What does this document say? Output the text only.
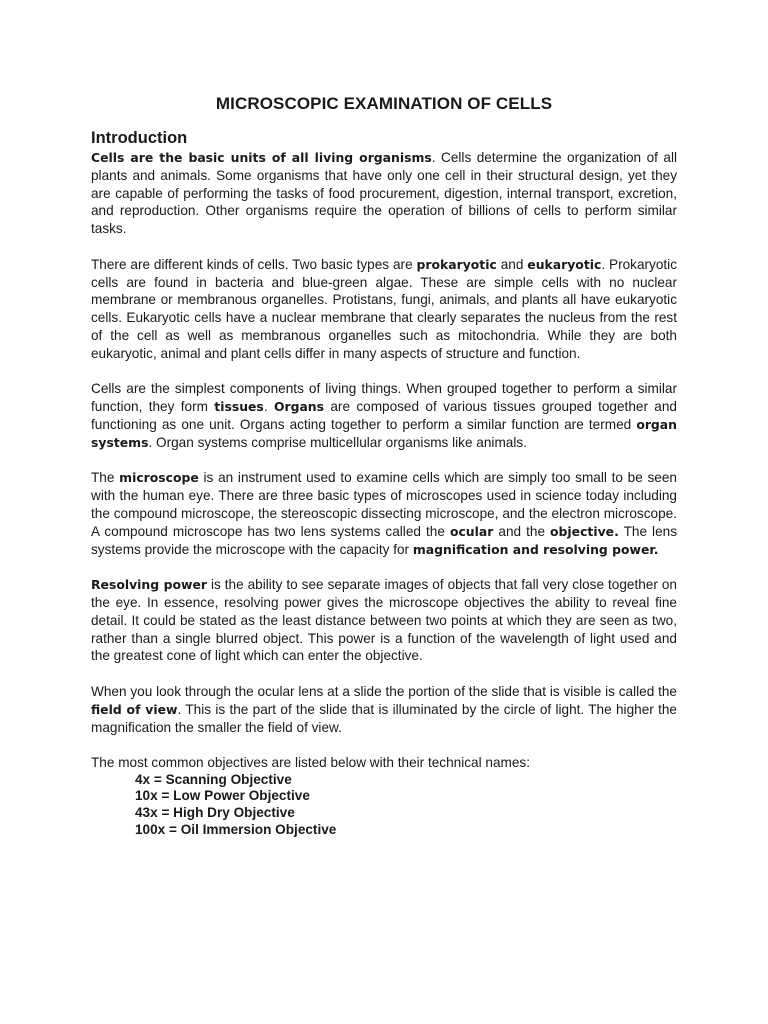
MICROSCOPIC EXAMINATION OF CELLS
Introduction

Cells are the basic units of all living organisms. Cells determine the organization of all plants and animals. Some organisms that have only one cell in their structural design, yet they are capable of performing the tasks of food procurement, digestion, internal transport, excretion, and reproduction. Other organisms require the operation of billions of cells to perform similar tasks.

There are different kinds of cells. Two basic types are prokaryotic and eukaryotic. Prokaryotic cells are found in bacteria and blue-green algae. These are simple cells with no nuclear membrane or membranous organelles. Protistans, fungi, animals, and plants all have eukaryotic cells. Eukaryotic cells have a nuclear membrane that clearly separates the nucleus from the rest of the cell as well as membranous organelles such as mitochondria. While they are both eukaryotic, animal and plant cells differ in many aspects of structure and function.

Cells are the simplest components of living things. When grouped together to perform a similar function, they form tissues. Organs are composed of various tissues grouped together and functioning as one unit. Organs acting together to perform a similar function are termed organ systems. Organ systems comprise multicellular organisms like animals.

The microscope is an instrument used to examine cells which are simply too small to be seen with the human eye. There are three basic types of microscopes used in science today including the compound microscope, the stereoscopic dissecting microscope, and the electron microscope. A compound microscope has two lens systems called the ocular and the objective. The lens systems provide the microscope with the capacity for magnification and resolving power.

Resolving power is the ability to see separate images of objects that fall very close together on the eye. In essence, resolving power gives the microscope objectives the ability to reveal fine detail. It could be stated as the least distance between two points at which they are seen as two, rather than a single blurred object. This power is a function of the wavelength of light used and the greatest cone of light which can enter the objective.

When you look through the ocular lens at a slide the portion of the slide that is visible is called the field of view. This is the part of the slide that is illuminated by the circle of light. The higher the magnification the smaller the field of view.

The most common objectives are listed below with their technical names:

4x = Scanning Objective
10x = Low Power Objective
43x = High Dry Objective
100x = Oil Immersion Objective
